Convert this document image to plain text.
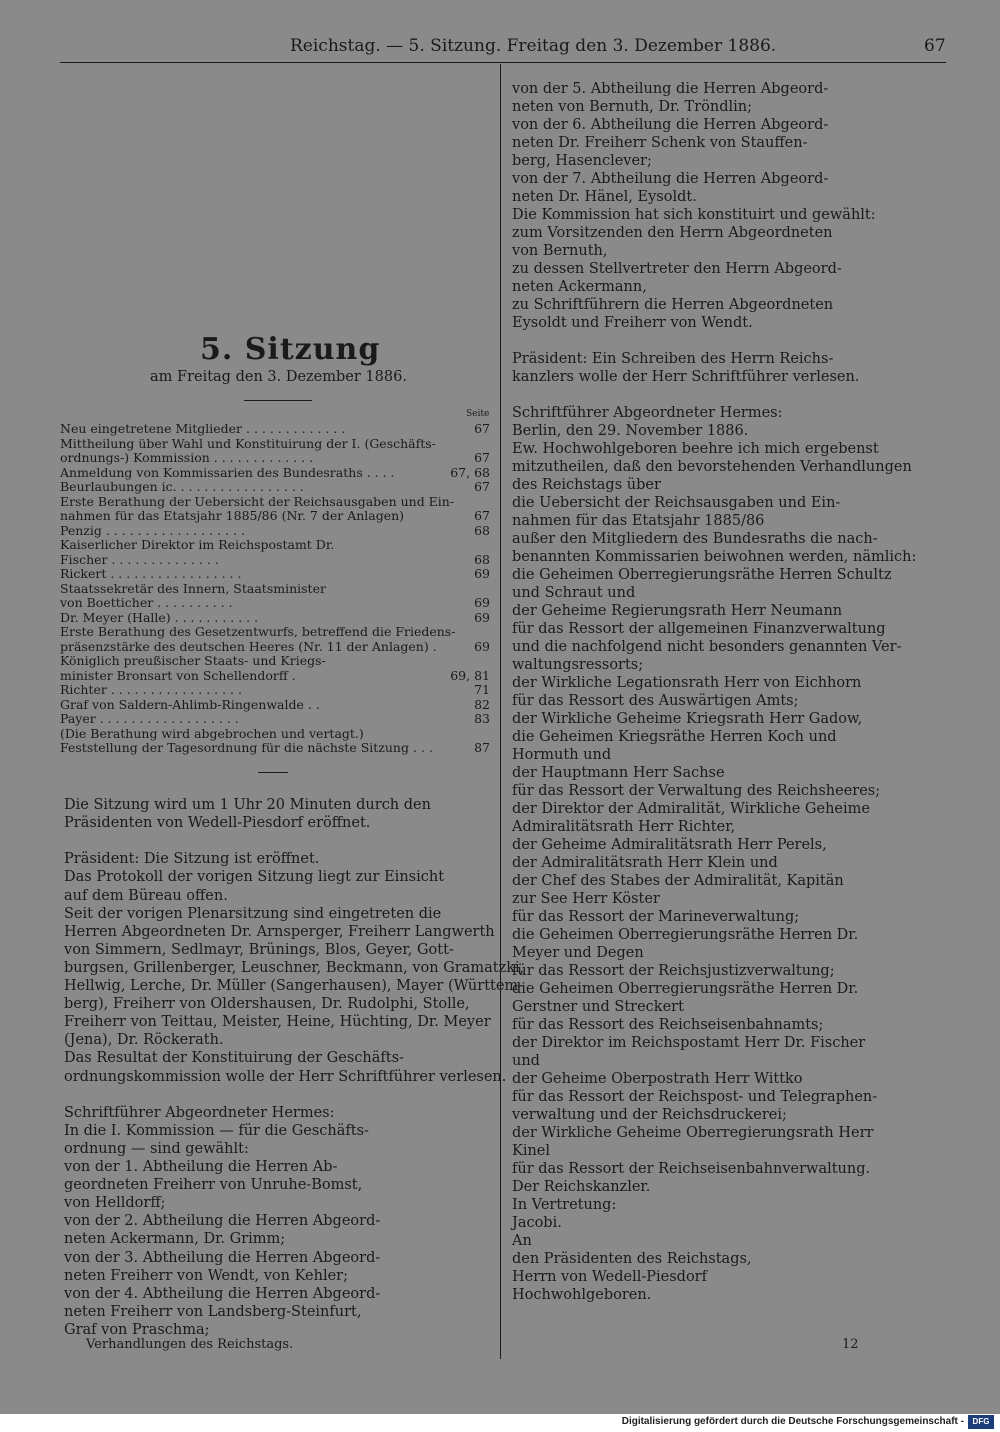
Reichstag. — 5. Sitzung. Freitag den 3. Dezember 1886.	67
5. Sitzung
am Freitag den 3. Dezember 1886.
Seite
Neu eingetretene Mitglieder . . . . . . . . . . . . .	67
Mittheilung über Wahl und Konstituirung der I. (Geschäfts-
ordnungs-) Kommission . . . . . . . . . . . . .	67
Anmeldung von Kommissarien des Bundesraths . . . .	67, 68
Beurlaubungen ic. . . . . . . . . . . . . . . . .	67
Erste Berathung der Uebersicht der Reichsausgaben und Ein-
nahmen für das Etatsjahr 1885/86 (Nr. 7 der Anlagen)	67
Penzig . . . . . . . . . . . . . . . . . .	68
Kaiserlicher Direktor im Reichspostamt Dr.
Fischer . . . . . . . . . . . . . .	68
Rickert . . . . . . . . . . . . . . . . .	69
Staatssekretär des Innern, Staatsminister
von Boetticher . . . . . . . . . .	69
Dr. Meyer (Halle) . . . . . . . . . . .	69
Erste Berathung des Gesetzentwurfs, betreffend die Friedens-
präsenzstärke des deutschen Heeres (Nr. 11 der Anlagen) .	69
Königlich preußischer Staats- und Kriegs-
minister Bronsart von Schellendorff .	69, 81
Richter . . . . . . . . . . . . . . . . .	71
Graf von Saldern-Ahlimb-Ringenwalde . .	82
Payer . . . . . . . . . . . . . . . . . .	83
(Die Berathung wird abgebrochen und vertagt.)
Feststellung der Tagesordnung für die nächste Sitzung . . .	87
Die Sitzung wird um 1 Uhr 20 Minuten durch den
Präsidenten von Wedell-Piesdorf eröffnet.
Präsident: Die Sitzung ist eröffnet.
Das Protokoll der vorigen Sitzung liegt zur Einsicht
auf dem Büreau offen.
Seit der vorigen Plenarsitzung sind eingetreten die
Herren Abgeordneten Dr. Arnsperger, Freiherr Langwerth
von Simmern, Sedlmayr, Brünings, Blos, Geyer, Gott-
burgsen, Grillenberger, Leuschner, Beckmann, von Gramatzki,
Hellwig, Lerche, Dr. Müller (Sangerhausen), Mayer (Württem-
berg), Freiherr von Oldershausen, Dr. Rudolphi, Stolle,
Freiherr von Teittau, Meister, Heine, Hüchting, Dr. Meyer
(Jena), Dr. Röckerath.
Das Resultat der Konstituirung der Geschäfts-
ordnungskommission wolle der Herr Schriftführer verlesen.
Schriftführer Abgeordneter Hermes:
In die I. Kommission — für die Geschäfts-
ordnung — sind gewählt:
von der 1. Abtheilung die Herren Ab-
geordneten Freiherr von Unruhe-Bomst,
von Helldorff;
von der 2. Abtheilung die Herren Abgeord-
neten Ackermann, Dr. Grimm;
von der 3. Abtheilung die Herren Abgeord-
neten Freiherr von Wendt, von Kehler;
von der 4. Abtheilung die Herren Abgeord-
neten Freiherr von Landsberg-Steinfurt,
Graf von Praschma;
Verhandlungen des Reichstags.
von der 5. Abtheilung die Herren Abgeord-
neten von Bernuth, Dr. Tröndlin;
von der 6. Abtheilung die Herren Abgeord-
neten Dr. Freiherr Schenk von Stauffen-
berg, Hasenclever;
von der 7. Abtheilung die Herren Abgeord-
neten Dr. Hänel, Eysoldt.
Die Kommission hat sich konstituirt und gewählt:
zum Vorsitzenden den Herrn Abgeordneten
von Bernuth,
zu dessen Stellvertreter den Herrn Abgeord-
neten Ackermann,
zu Schriftführern die Herren Abgeordneten
Eysoldt und Freiherr von Wendt.
Präsident: Ein Schreiben des Herrn Reichs-
kanzlers wolle der Herr Schriftführer verlesen.
Schriftführer Abgeordneter Hermes:
Berlin, den 29. November 1886.
Ew. Hochwohlgeboren beehre ich mich ergebenst
mitzutheilen, daß den bevorstehenden Verhandlungen
des Reichstags über
die Uebersicht der Reichsausgaben und Ein-
nahmen für das Etatsjahr 1885/86
außer den Mitgliedern des Bundesraths die nach-
benannten Kommissarien beiwohnen werden, nämlich:
die Geheimen Oberregierungsräthe Herren Schultz
und Schraut und
der Geheime Regierungsrath Herr Neumann
für das Ressort der allgemeinen Finanzverwaltung
und die nachfolgend nicht besonders genannten Ver-
waltungsressorts;
der Wirkliche Legationsrath Herr von Eichhorn
für das Ressort des Auswärtigen Amts;
der Wirkliche Geheime Kriegsrath Herr Gadow,
die Geheimen Kriegsräthe Herren Koch und
Hormuth und
der Hauptmann Herr Sachse
für das Ressort der Verwaltung des Reichsheeres;
der Direktor der Admiralität, Wirkliche Geheime
Admiralitätsrath Herr Richter,
der Geheime Admiralitätsrath Herr Perels,
der Admiralitätsrath Herr Klein und
der Chef des Stabes der Admiralität, Kapitän
zur See Herr Köster
für das Ressort der Marineverwaltung;
die Geheimen Oberregierungsräthe Herren Dr.
Meyer und Degen
für das Ressort der Reichsjustizverwaltung;
die Geheimen Oberregierungsräthe Herren Dr.
Gerstner und Streckert
für das Ressort des Reichseisenbahnamts;
der Direktor im Reichspostamt Herr Dr. Fischer
und
der Geheime Oberpostrath Herr Wittko
für das Ressort der Reichspost- und Telegraphen-
verwaltung und der Reichsdruckerei;
der Wirkliche Geheime Oberregierungsrath Herr
Kinel
für das Ressort der Reichseisenbahnverwaltung.
Der Reichskanzler.
In Vertretung:
Jacobi.
An
den Präsidenten des Reichstags,
Herrn von Wedell-Piesdorf
Hochwohlgeboren.
12
Digitalisierung gefördert durch die Deutsche Forschungsgemeinschaft -	DFG
